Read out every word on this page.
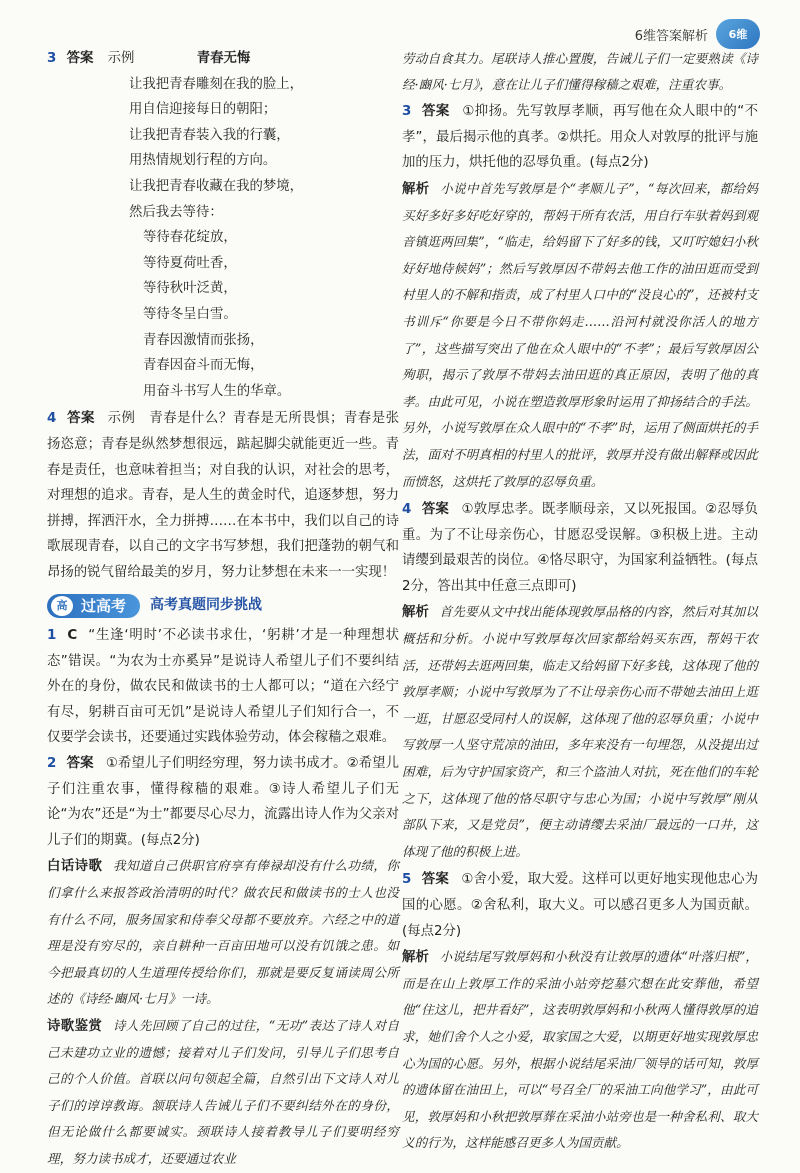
6维答案解析	6维

3 答案 示例	青春无悔

让我把青春雕刻在我的脸上，
用自信迎接每日的朝阳；
让我把青春装入我的行囊，
用热情规划行程的方向。
让我把青春收藏在我的梦境，
然后我去等待：
等待春花绽放，
等待夏荷吐香，
等待秋叶泛黄，
等待冬呈白雪。
青春因激情而张扬，
青春因奋斗而无悔，
用奋斗书写人生的华章。

4 答案 示例　青春是什么？青春是无所畏惧；青春是张扬恣意；青春是纵然梦想很远，踮起脚尖就能更近一些。青春是责任，也意味着担当；对自我的认识，对社会的思考，对理想的追求。青春，是人生的黄金时代，追逐梦想，努力拼搏，挥洒汗水，全力拼搏……在本书中，我们以自己的诗歌展现青春，以自己的文字书写梦想，我们把蓬勃的朝气和昂扬的锐气留给最美的岁月，努力让梦想在未来一一实现！

高 过高考	高考真题同步挑战

1 C “生逢‘明时’不必读书求仕，‘躬耕’才是一种理想状态”错误。“为农为士亦奚异”是说诗人希望儿子们不要纠结外在的身份，做农民和做读书的士人都可以；“道在六经宁有尽，躬耕百亩可无饥”是说诗人希望儿子们知行合一，不仅要学会读书，还要通过实践体验劳动，体会稼穑之艰难。

2 答案 ①希望儿子们明经穷理，努力读书成才。②希望儿子们注重农事，懂得稼穑的艰难。③诗人希望儿子们无论“为农”还是“为士”都要尽心尽力，流露出诗人作为父亲对儿子们的期冀。(每点2分)

白话诗歌 我知道自己供职官府享有俸禄却没有什么功绩，你们拿什么来报答政治清明的时代？做农民和做读书的士人也没有什么不同，服务国家和侍奉父母都不要放弃。六经之中的道理是没有穷尽的，亲自耕种一百亩田地可以没有饥饿之患。如今把最真切的人生道理传授给你们，那就是要反复诵读周公所述的《诗经·豳风·七月》一诗。

诗歌鉴赏 诗人先回顾了自己的过往，“无功”表达了诗人对自己未建功立业的遗憾；接着对儿子们发问，引导儿子们思考自己的个人价值。首联以问句领起全篇，自然引出下文诗人对儿子们的谆谆教诲。颔联诗人告诫儿子们不要纠结外在的身份，但无论做什么都要诚实。颈联诗人接着教导儿子们要明经穷理，努力读书成才，还要通过农业

劳动自食其力。尾联诗人推心置腹，告诫儿子们一定要熟读《诗经·豳风·七月》，意在让儿子们懂得稼穑之艰难，注重农事。

3 答案 ①抑扬。先写敦厚孝顺，再写他在众人眼中的“不孝”，最后揭示他的真孝。②烘托。用众人对敦厚的批评与施加的压力，烘托他的忍辱负重。(每点2分)

解析 小说中首先写敦厚是个“孝顺儿子”，“每次回来，都给妈买好多好多好吃好穿的，帮妈干所有农活，用自行车驮着妈到观音镇逛两回集”，“临走，给妈留下了好多的钱，又叮咛媳妇小秋好好地侍候妈”；然后写敦厚因不带妈去他工作的油田逛而受到村里人的不解和指责，成了村里人口中的“没良心的”，还被村支书训斥“你要是今日不带你妈走……沿河村就没你活人的地方了”，这些描写突出了他在众人眼中的“不孝”；最后写敦厚因公殉职，揭示了敦厚不带妈去油田逛的真正原因，表明了他的真孝。由此可见，小说在塑造敦厚形象时运用了抑扬结合的手法。另外，小说写敦厚在众人眼中的“不孝”时，运用了侧面烘托的手法，面对不明真相的村里人的批评，敦厚并没有做出解释或因此而愤怒，这烘托了敦厚的忍辱负重。

4 答案 ①敦厚忠孝。既孝顺母亲，又以死报国。②忍辱负重。为了不让母亲伤心，甘愿忍受误解。③积极上进。主动请缨到最艰苦的岗位。④恪尽职守，为国家利益牺牲。(每点2分，答出其中任意三点即可)

解析 首先要从文中找出能体现敦厚品格的内容，然后对其加以概括和分析。小说中写敦厚每次回家都给妈买东西，帮妈干农活，还带妈去逛两回集，临走又给妈留下好多钱，这体现了他的敦厚孝顺；小说中写敦厚为了不让母亲伤心而不带她去油田上逛一逛，甘愿忍受同村人的误解，这体现了他的忍辱负重；小说中写敦厚一人坚守荒凉的油田，多年来没有一句埋怨，从没提出过困难，后为守护国家资产，和三个盗油人对抗，死在他们的车轮之下，这体现了他的恪尽职守与忠心为国；小说中写敦厚“刚从部队下来，又是党员”，便主动请缨去采油厂最远的一口井，这体现了他的积极上进。

5 答案 ①舍小爱，取大爱。这样可以更好地实现他忠心为国的心愿。②舍私利，取大义。可以感召更多人为国贡献。(每点2分)

解析 小说结尾写敦厚妈和小秋没有让敦厚的遗体“叶落归根”，而是在山上敦厚工作的采油小站旁挖墓穴想在此安葬他，希望他“住这儿，把井看好”，这表明敦厚妈和小秋两人懂得敦厚的追求，她们舍个人之小爱，取家国之大爱，以期更好地实现敦厚忠心为国的心愿。另外，根据小说结尾采油厂领导的话可知，敦厚的遗体留在油田上，可以“号召全厂的采油工向他学习”，由此可见，敦厚妈和小秋把敦厚葬在采油小站旁也是一种舍私利、取大义的行为，这样能感召更多人为国贡献。
